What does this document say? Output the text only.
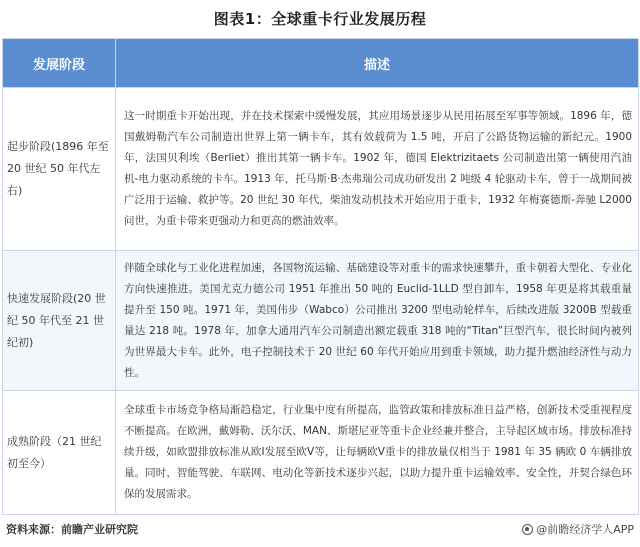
图表1：全球重卡行业发展历程
发展阶段	描述
起步阶段(1896 年至 20 世纪 50 年代左右)	这一时期重卡开始出现，并在技术探索中缓慢发展，其应用场景逐步从民用拓展至军事等领域。1896 年，德国戴姆勒汽车公司制造出世界上第一辆卡车，其有效载荷为 1.5 吨，开启了公路货物运输的新纪元。1900 年，法国贝利埃（Berliet）推出其第一辆卡车。1902 年，德国 Elektrizitaets 公司制造出第一辆使用汽油机-电力驱动系统的卡车。1913 年，托马斯·B·杰弗瑞公司成功研发出 2 吨级 4 轮驱动卡车，曾于一战期间被广泛用于运输、救护等。20 世纪 30 年代，柴油发动机技术开始应用于重卡，1932 年梅赛德斯-奔驰 L2000 问世，为重卡带来更强动力和更高的燃油效率。
快速发展阶段(20 世纪 50 年代至 21 世纪初)	伴随全球化与工业化进程加速，各国物流运输、基础建设等对重卡的需求快速攀升，重卡朝着大型化、专业化方向快速推进。美国尤克力德公司 1951 年推出 50 吨的 Euclid-1LLD 型自卸车，1958 年更是将其载重量提升至 150 吨。1971 年，美国伟步（Wabco）公司推出 3200 型电动轮样车，后续改进版 3200B 型载重量达 218 吨。1978 年，加拿大通用汽车公司制造出额定载重 318 吨的“Titan”巨型汽车，很长时间内被列为世界最大卡车。此外，电子控制技术于 20 世纪 60 年代开始应用到重卡领域，助力提升燃油经济性与动力性。
成熟阶段（21 世纪初至今）	全球重卡市场竞争格局渐趋稳定，行业集中度有所提高，监管政策和排放标准日益严格，创新技术受重视程度不断提高。在欧洲，戴姆勒、沃尔沃、MAN、斯堪尼亚等重卡企业经兼并整合，主导起区域市场。排放标准持续升级，如欧盟排放标准从欧Ⅰ发展至欧Ⅴ等，让每辆欧Ⅴ重卡的排放量仅相当于 1981 年 35 辆欧 0 车辆排放量。同时，智能驾驶、车联网、电动化等新技术逐步兴起，以助力提升重卡运输效率、安全性，并契合绿色环保的发展需求。
资料来源：前瞻产业研究院	@前瞻经济学人APP
